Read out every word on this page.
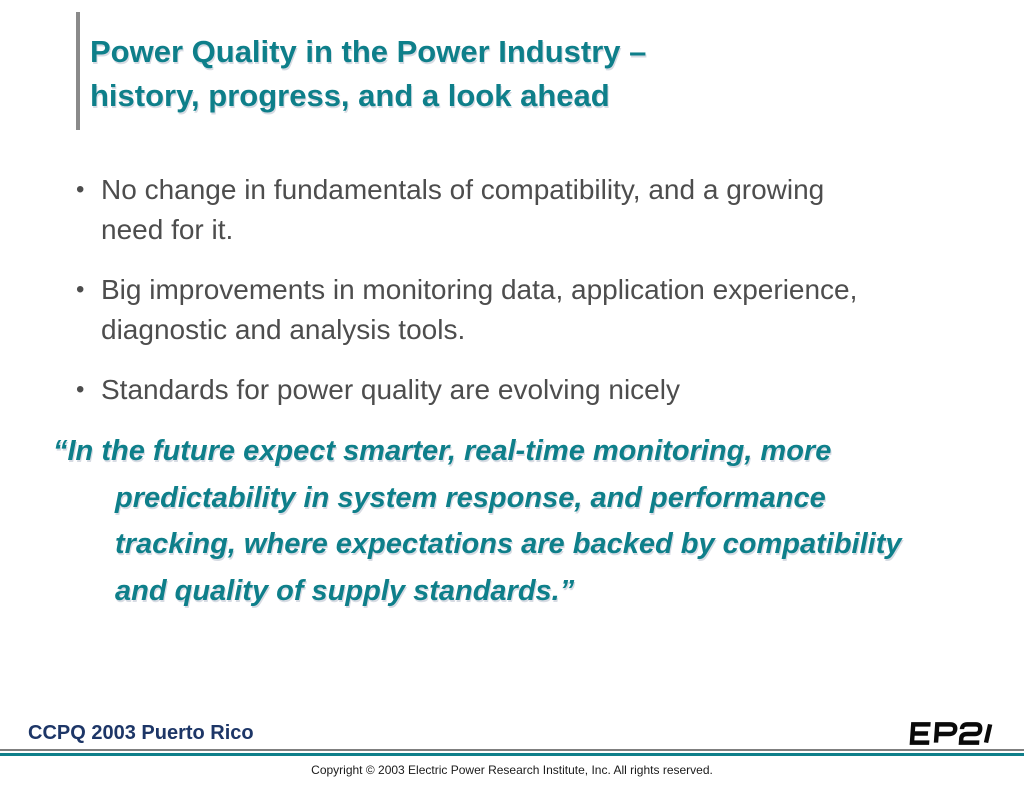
Power Quality in the Power Industry –
history, progress, and a look ahead
• No change in fundamentals of compatibility, and a growing need for it.
• Big improvements in monitoring data, application experience, diagnostic and analysis tools.
• Standards for power quality are evolving nicely
“In the future expect smarter, real-time monitoring, more predictability in system response, and performance tracking, where expectations are backed by compatibility and quality of supply standards.”
CCPQ 2003 Puerto Rico
Copyright © 2003 Electric Power Research Institute, Inc. All rights reserved.
